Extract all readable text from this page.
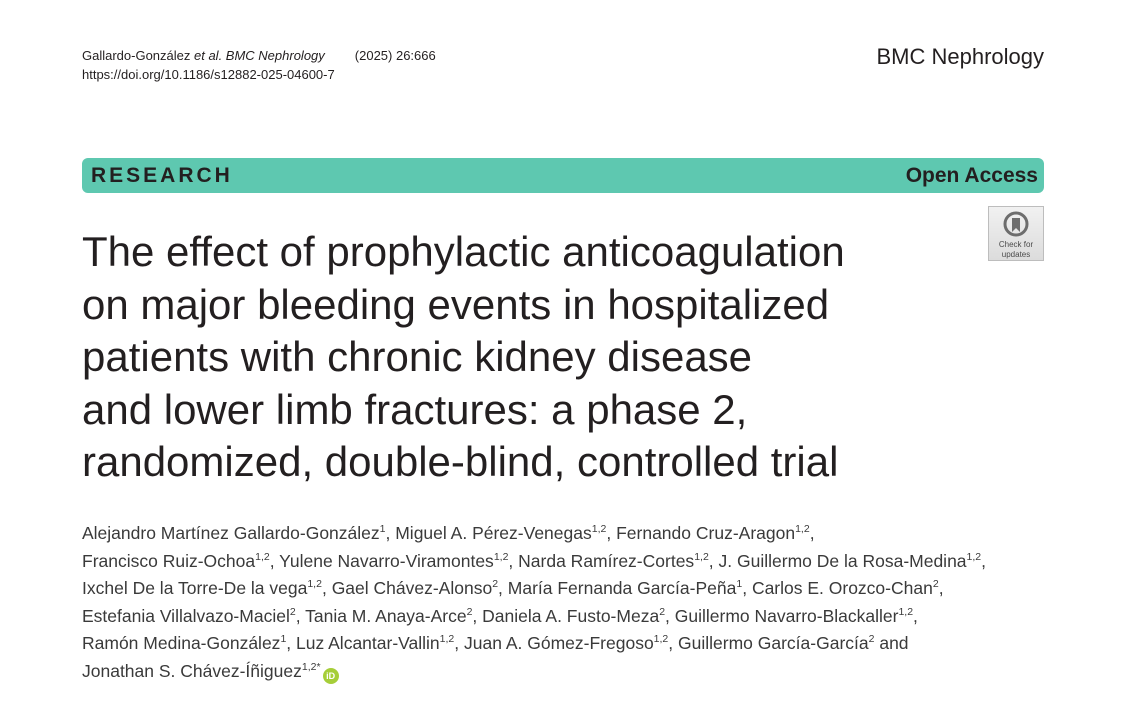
Gallardo-González et al. BMC Nephrology (2025) 26:666
https://doi.org/10.1186/s12882-025-04600-7
BMC Nephrology
RESEARCH	Open Access
Check for
updates
The effect of prophylactic anticoagulation
on major bleeding events in hospitalized
patients with chronic kidney disease
and lower limb fractures: a phase 2,
randomized, double-blind, controlled trial
Alejandro Martínez Gallardo-González$^1$, Miguel A. Pérez-Venegas$^{1,2}$, Fernando Cruz-Aragon$^{1,2}$,
Francisco Ruiz-Ochoa$^{1,2}$, Yulene Navarro-Viramontes$^{1,2}$, Narda Ramírez-Cortes$^{1,2}$, J. Guillermo De la Rosa-Medina$^{1,2}$,
Ixchel De la Torre-De la vega$^{1,2}$, Gael Chávez-Alonso$^2$, María Fernanda García-Peña$^1$, Carlos E. Orozco-Chan$^2$,
Estefania Villalvazo-Maciel$^2$, Tania M. Anaya-Arce$^2$, Daniela A. Fusto-Meza$^2$, Guillermo Navarro-Blackaller$^{1,2}$,
Ramón Medina-González$^1$, Luz Alcantar-Vallin$^{1,2}$, Juan A. Gómez-Fregoso$^{1,2}$, Guillermo García-García$^2$ and
Jonathan S. Chávez-Íñiguez$^{1,2*}$iD
